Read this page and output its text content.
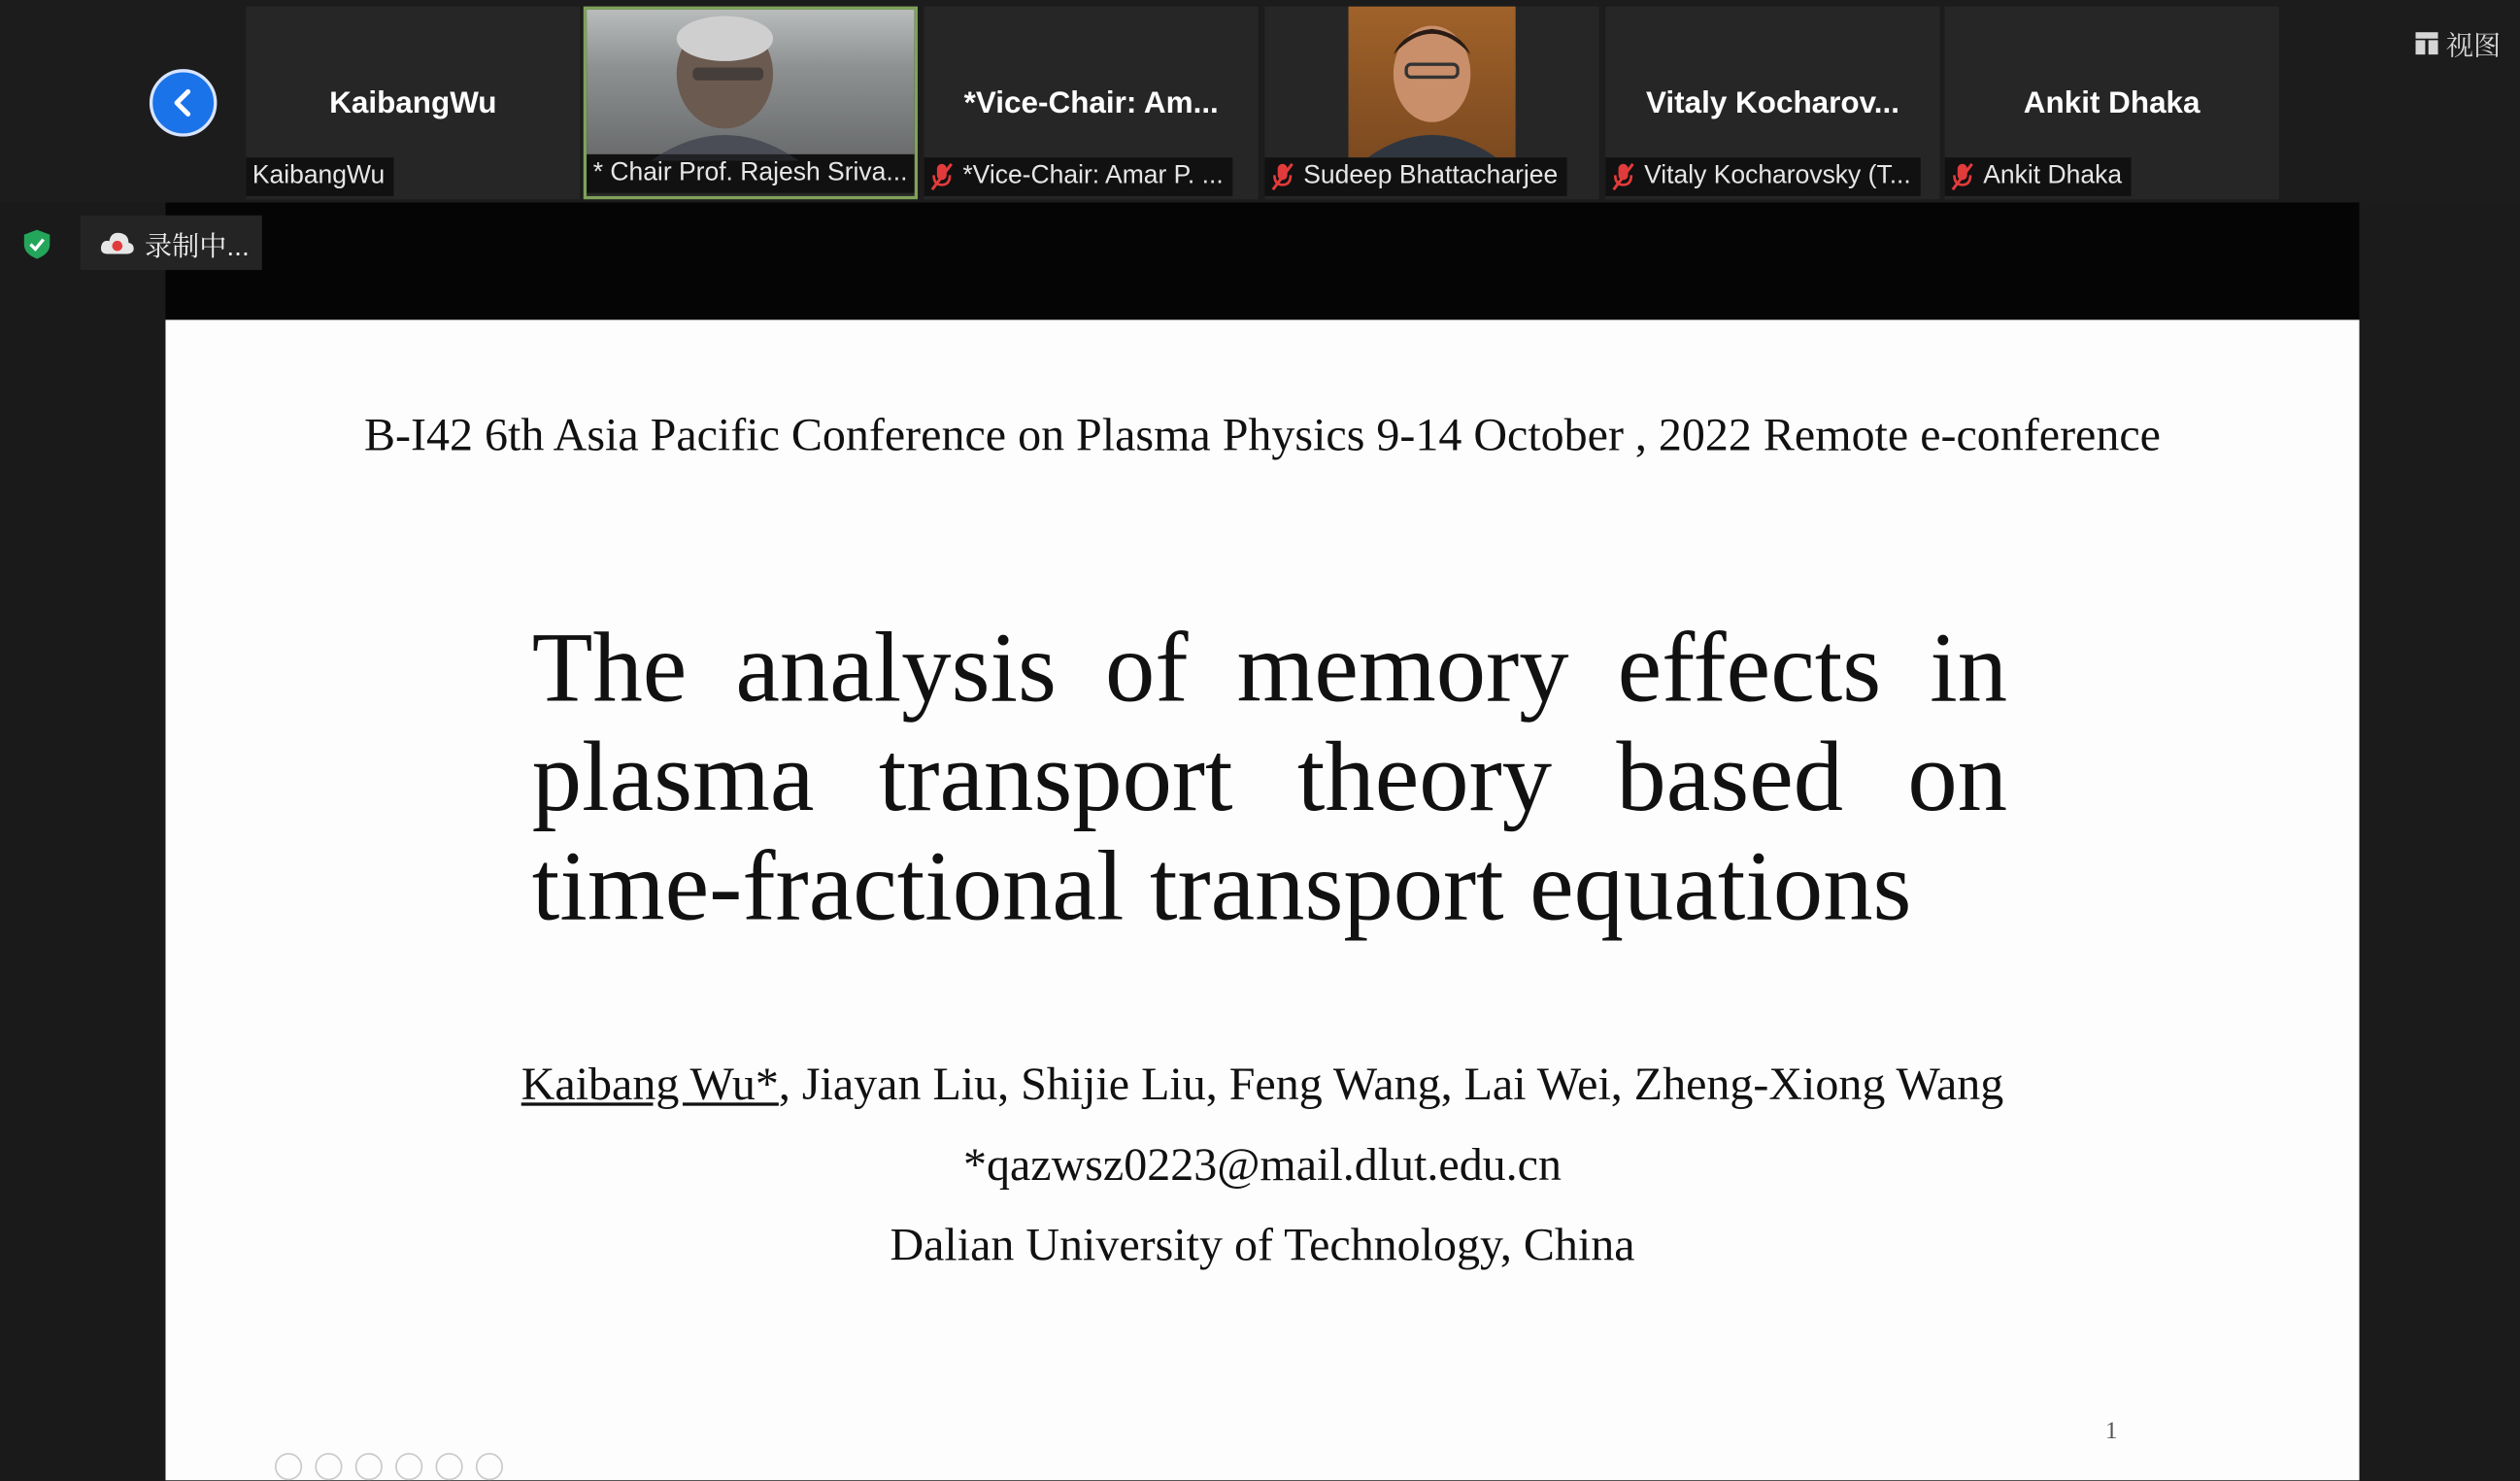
KaibangWu
KaibangWu	* Chair Prof. Rajesh Sriva...
*Vice-Chair: Am...
*Vice-Chair: Amar P. ...	Sudeep Bhattacharjee
Vitaly Kocharov...
Vitaly Kocharovsky (T...
Ankit Dhaka
Ankit Dhaka
视图
录制中...
B-I42 6th Asia Pacific Conference on Plasma Physics 9-14 October , 2022 Remote e-conference
The analysis of memory effects in
plasma transport theory based on
time-fractional transport equations
Kaibang Wu*, Jiayan Liu, Shijie Liu, Feng Wang, Lai Wei, Zheng-Xiong Wang
*qazwsz0223@mail.dlut.edu.cn
Dalian University of Technology, China
1
